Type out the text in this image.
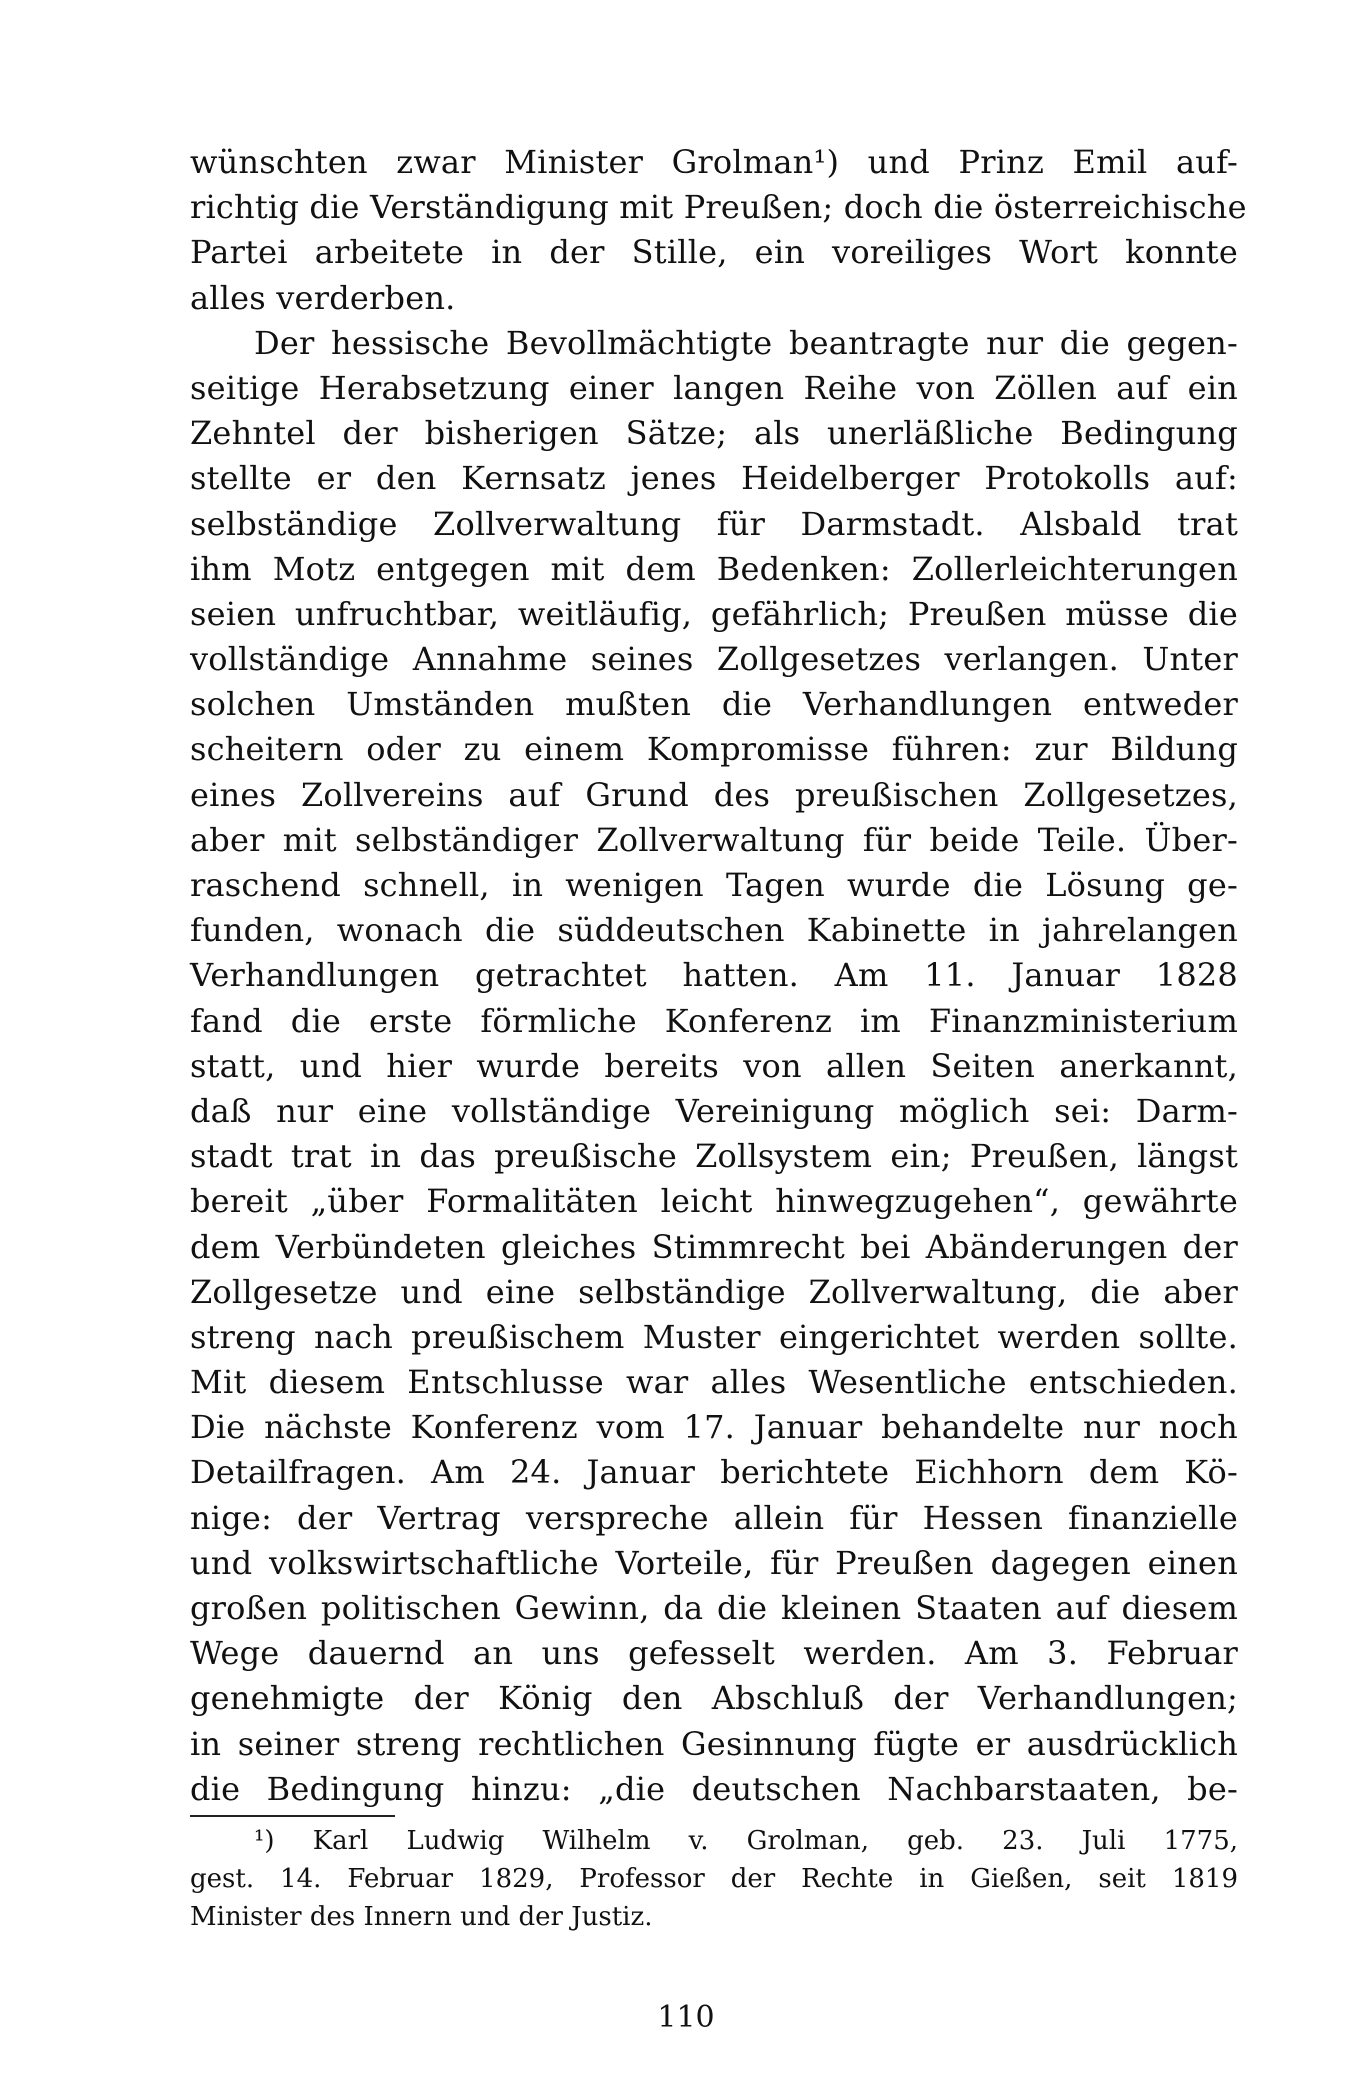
wünschten zwar Minister Grolman¹) und Prinz Emil auf-
richtig die Verständigung mit Preußen; doch die österreichische
Partei arbeitete in der Stille, ein voreiliges Wort konnte
alles verderben.
Der hessische Bevollmächtigte beantragte nur die gegen-
seitige Herabsetzung einer langen Reihe von Zöllen auf ein
Zehntel der bisherigen Sätze; als unerläßliche Bedingung
stellte er den Kernsatz jenes Heidelberger Protokolls auf:
selbständige Zollverwaltung für Darmstadt. Alsbald trat
ihm Motz entgegen mit dem Bedenken: Zollerleichterungen
seien unfruchtbar, weitläufig, gefährlich; Preußen müsse die
vollständige Annahme seines Zollgesetzes verlangen. Unter
solchen Umständen mußten die Verhandlungen entweder
scheitern oder zu einem Kompromisse führen: zur Bildung
eines Zollvereins auf Grund des preußischen Zollgesetzes,
aber mit selbständiger Zollverwaltung für beide Teile. Über-
raschend schnell, in wenigen Tagen wurde die Lösung ge-
funden, wonach die süddeutschen Kabinette in jahrelangen
Verhandlungen getrachtet hatten. Am 11. Januar 1828
fand die erste förmliche Konferenz im Finanzministerium
statt, und hier wurde bereits von allen Seiten anerkannt,
daß nur eine vollständige Vereinigung möglich sei: Darm-
stadt trat in das preußische Zollsystem ein; Preußen, längst
bereit „über Formalitäten leicht hinwegzugehen“, gewährte
dem Verbündeten gleiches Stimmrecht bei Abänderungen der
Zollgesetze und eine selbständige Zollverwaltung, die aber
streng nach preußischem Muster eingerichtet werden sollte.
Mit diesem Entschlusse war alles Wesentliche entschieden.
Die nächste Konferenz vom 17. Januar behandelte nur noch
Detailfragen. Am 24. Januar berichtete Eichhorn dem Kö-
nige: der Vertrag verspreche allein für Hessen finanzielle
und volkswirtschaftliche Vorteile, für Preußen dagegen einen
großen politischen Gewinn, da die kleinen Staaten auf diesem
Wege dauernd an uns gefesselt werden. Am 3. Februar
genehmigte der König den Abschluß der Verhandlungen;
in seiner streng rechtlichen Gesinnung fügte er ausdrücklich
die Bedingung hinzu: „die deutschen Nachbarstaaten, be-
¹) Karl Ludwig Wilhelm v. Grolman, geb. 23. Juli 1775,
gest. 14. Februar 1829, Professor der Rechte in Gießen, seit 1819
Minister des Innern und der Justiz.
110
